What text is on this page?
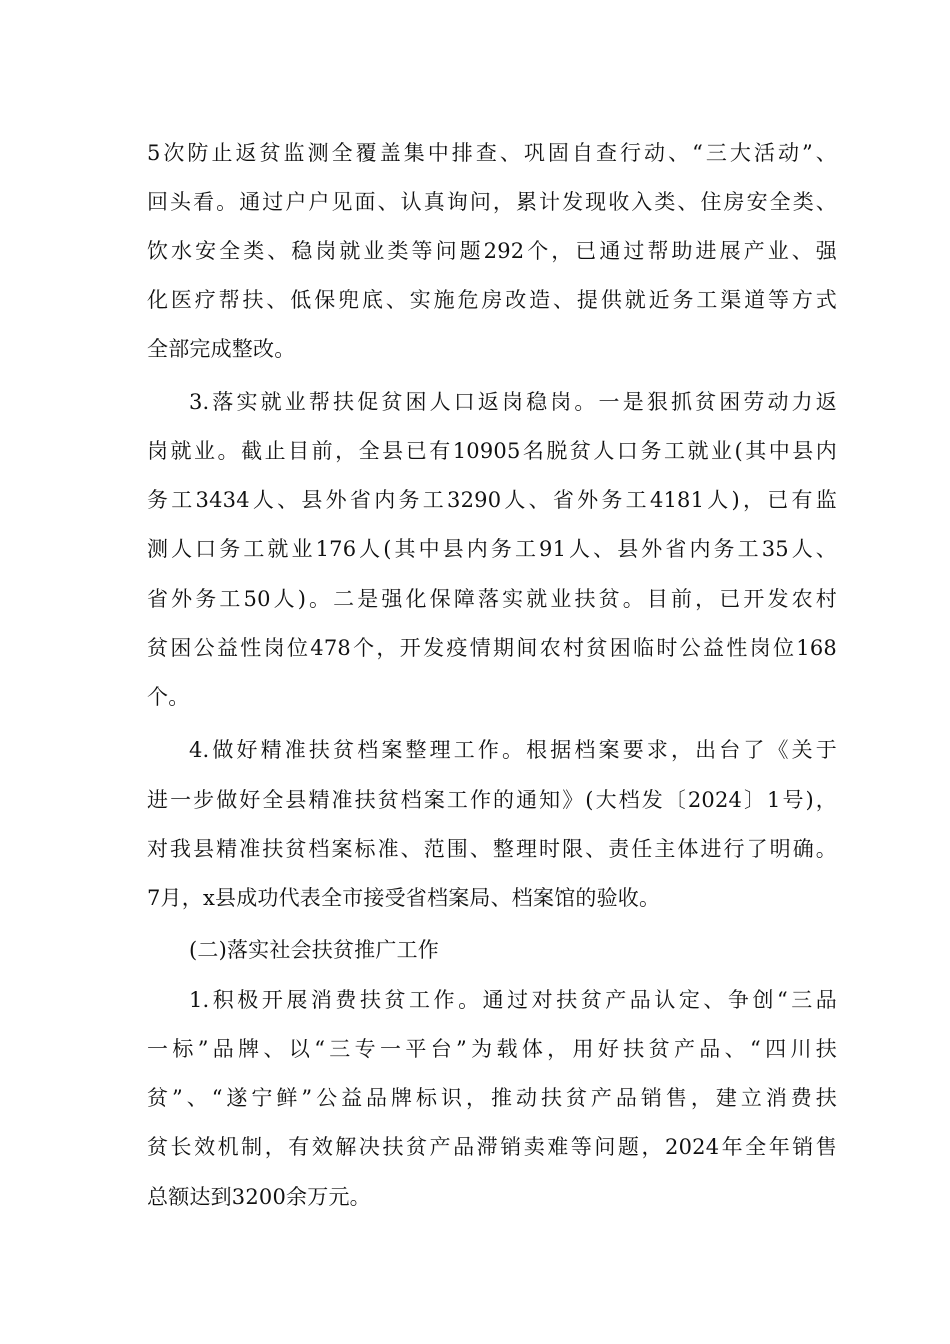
5次防止返贫监测全覆盖集中排查、巩固自查行动、“三大活动”、
回头看。通过户户见面、认真询问，累计发现收入类、住房安全类、
饮水安全类、稳岗就业类等问题292个，已通过帮助进展产业、强
化医疗帮扶、低保兜底、实施危房改造、提供就近务工渠道等方式
全部完成整改。
3.落实就业帮扶促贫困人口返岗稳岗。一是狠抓贫困劳动力返
岗就业。截止目前，全县已有10905名脱贫人口务工就业(其中县内
务工3434人、县外省内务工3290人、省外务工4181人)，已有监
测人口务工就业176人(其中县内务工91人、县外省内务工35人、
省外务工50人)。二是强化保障落实就业扶贫。目前，已开发农村
贫困公益性岗位478个，开发疫情期间农村贫困临时公益性岗位168
个。
4.做好精准扶贫档案整理工作。根据档案要求，出台了《关于
进一步做好全县精准扶贫档案工作的通知》(大档发〔2024〕1号)，
对我县精准扶贫档案标准、范围、整理时限、责任主体进行了明确。
7月，x县成功代表全市接受省档案局、档案馆的验收。
(二)落实社会扶贫推广工作
1.积极开展消费扶贫工作。通过对扶贫产品认定、争创“三品
一标”品牌、以“三专一平台”为载体，用好扶贫产品、“四川扶
贫”、“遂宁鲜”公益品牌标识，推动扶贫产品销售，建立消费扶
贫长效机制，有效解决扶贫产品滞销卖难等问题，2024年全年销售
总额达到3200余万元。
